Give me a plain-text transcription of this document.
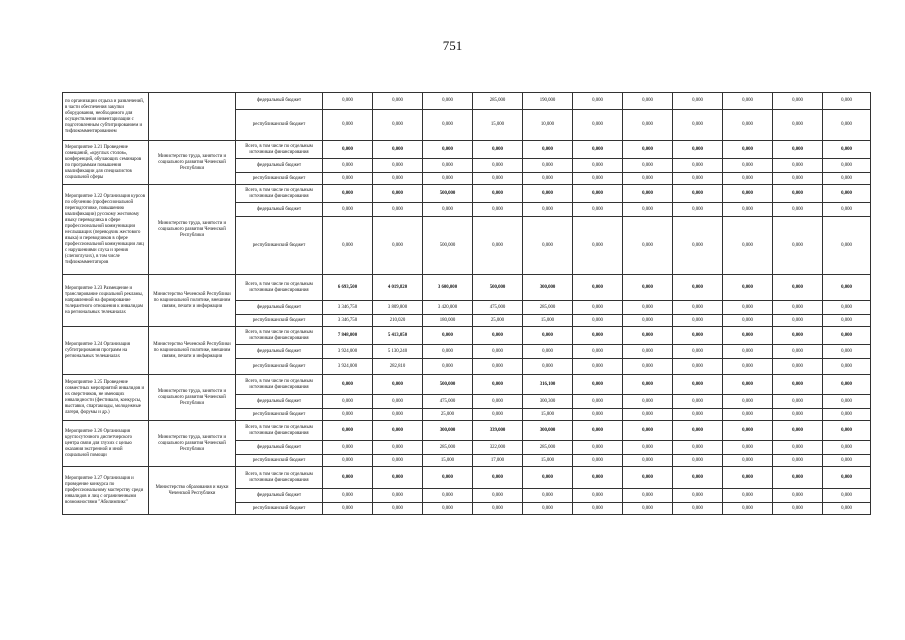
751
по организации отдыха и развлечений, в части обеспечения закупки оборудования, необходимого для осуществления инвентаризации с подготовленным субтитрированием и тифлокомментированием		федеральный бюджет	0,000	0,000	0,000	285,000	190,000	0,000	0,000	0,000	0,000	0,000	0,000
		республиканский бюджет	0,000	0,000	0,000	15,000	10,000	0,000	0,000	0,000	0,000	0,000	0,000
Мероприятие 3.21 Проведение совещаний, «круглых столов», конференций, обучающих семинаров по программам повышения квалификации для специалистов социальной сферы	Министерство труда, занятости и социального развития Чеченской Республики	Всего, в том числе по отдельным источникам финансирования	0,000	0,000	0,000	0,000	0,000	0,000	0,000	0,000	0,000	0,000	0,000
		федеральный бюджет	0,000	0,000	0,000	0,000	0,000	0,000	0,000	0,000	0,000	0,000	0,000
		республиканский бюджет	0,000	0,000	0,000	0,000	0,000	0,000	0,000	0,000	0,000	0,000	0,000
Мероприятие 3.22 Организация курсов по обучению (профессиональной переподготовке, повышению квалификации) русскому жестовому языку переводчика в сфере профессиональной коммуникации неслышащих (переводчик жестового языка) и переводчиков в сфере профессиональной коммуникации лиц с нарушениями слуха и зрения (слепоглухих), в том числе тифлокомментаторов	Министерство труда, занятости и социального развития Чеченской Республики	Всего, в том числе по отдельным источникам финансирования	0,000	0,000	500,000	0,000	0,000	0,000	0,000	0,000	0,000	0,000	0,000
		федеральный бюджет	0,000	0,000	0,000	0,000	0,000	0,000	0,000	0,000	0,000	0,000	0,000
		республиканский бюджет	0,000	0,000	500,000	0,000	0,000	0,000	0,000	0,000	0,000	0,000	0,000
Мероприятие 3.23 Размещение и транслирование социальной рекламы, направленной на формирование толерантного отношения к инвалидам на региональных телеканалах	Министерство Чеченской Республики по национальной политике, внешним связям, печати и информации	Всего, в том числе по отдельным источникам финансирования	6 693,500	4 019,820	3 600,000	500,000	300,000	0,000	0,000	0,000	0,000	0,000	0,000
		федеральный бюджет	3 346,750	3 809,800	3 420,000	475,000	285,000	0,000	0,000	0,000	0,000	0,000	0,000
		республиканский бюджет	3 346,750	210,020	180,000	25,000	15,000	0,000	0,000	0,000	0,000	0,000	0,000
Мероприятие 3.24 Организация субтитрирования программ на региональных телеканалах	Министерство Чеченской Республики по национальной политике, внешним связям, печати и информации	Всего, в том числе по отдельным источникам финансирования	7 848,000	5 413,050	0,000	0,000	0,000	0,000	0,000	0,000	0,000	0,000	0,000
		федеральный бюджет	3 924,000	5 130,240	0,000	0,000	0,000	0,000	0,000	0,000	0,000	0,000	0,000
		республиканский бюджет	3 924,000	282,810	0,000	0,000	0,000	0,000	0,000	0,000	0,000	0,000	0,000
Мероприятие 3.25 Проведение совместных мероприятий инвалидов и их сверстников, не имеющих инвалидности (фестивали, конкурсы, выставки, спартакиады, молодежные лагеря, форумы и др.)	Министерство труда, занятости и социального развития Чеченской Республики	Всего, в том числе по отдельным источникам финансирования	0,000	0,000	500,000	0,000	316,100	0,000	0,000	0,000	0,000	0,000	0,000
		федеральный бюджет	0,000	0,000	475,000	0,000	300,300	0,000	0,000	0,000	0,000	0,000	0,000
		республиканский бюджет	0,000	0,000	25,000	0,000	15,800	0,000	0,000	0,000	0,000	0,000	0,000
Мероприятие 3.26 Организация круглосуточного диспетчерского центра связи для глухих с целью оказания экстренной и иной социальной помощи	Министерство труда, занятости и социального развития Чеченской Республики	Всего, в том числе по отдельным источникам финансирования	0,000	0,000	300,000	339,000	300,000	0,000	0,000	0,000	0,000	0,000	0,000
		федеральный бюджет	0,000	0,000	285,000	322,000	285,000	0,000	0,000	0,000	0,000	0,000	0,000
		республиканский бюджет	0,000	0,000	15,000	17,000	15,000	0,000	0,000	0,000	0,000	0,000	0,000
Мероприятие 3.27 Организация и проведение конкурса по профессиональному мастерству среди инвалидов и лиц с ограниченными возможностями "Абилимпикс"	Министерство образования и науки Чеченской Республики	Всего, в том числе по отдельным источникам финансирования	0,000	0,000	0,000	0,000	0,000	0,000	0,000	0,000	0,000	0,000	0,000
		федеральный бюджет	0,000	0,000	0,000	0,000	0,000	0,000	0,000	0,000	0,000	0,000	0,000
		республиканский бюджет	0,000	0,000	0,000	0,000	0,000	0,000	0,000	0,000	0,000	0,000	0,000
